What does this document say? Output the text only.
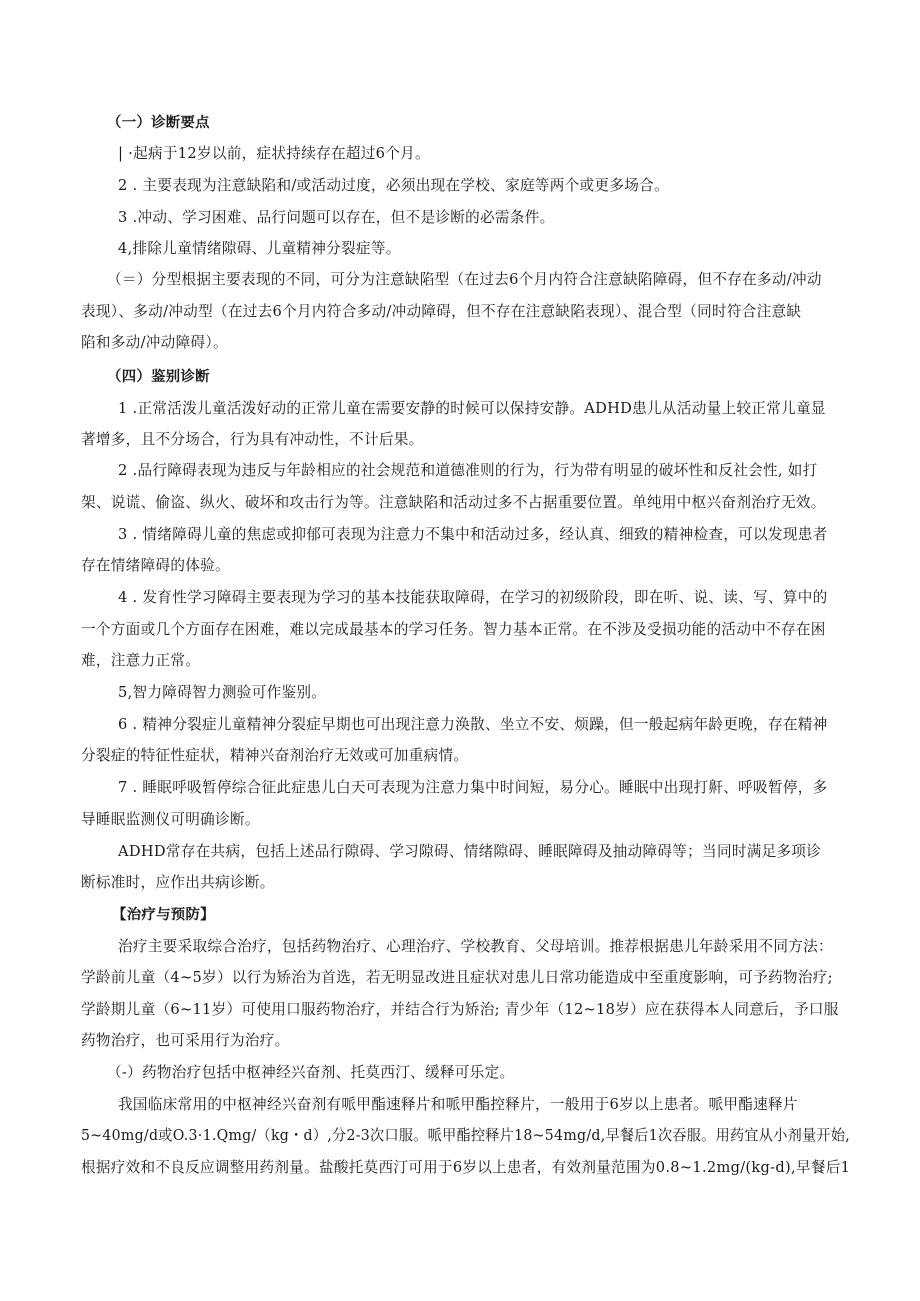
（一）诊断要点

| ·起病于12岁以前，症状持续存在超过6个月。

2 . 主要表现为注意缺陷和/或活动过度，必须出现在学校、家庭等两个或更多场合。

3 .冲动、学习困难、品行问题可以存在，但不是诊断的必需条件。

4,排除儿童情绪隙碍、儿童精神分裂症等。

（＝）分型根据主要表现的不同，可分为注意缺陷型（在过去6个月内符合注意缺陷障碍，但不存在多动/冲动

表现）、多动/冲动型（在过去6个月内符合多动/冲动障碍，但不存在注意缺陷表现）、混合型（同时符合注意缺

陷和多动/冲动障碍）。

（四）鉴别诊断

1 .正常活泼儿童活泼好动的正常儿童在需要安静的时候可以保持安静。ADHD患儿从活动量上较正常儿童显

著增多，且不分场合，行为具有冲动性，不计后果。

2 .品行障碍表现为违反与年龄相应的社会规范和道德准则的行为，行为带有明显的破坏性和反社会性, 如打

架、说谎、偷盗、纵火、破坏和攻击行为等。注意缺陷和活动过多不占据重要位置。单纯用中枢兴奋剂治疗无效。

3 . 情绪障碍儿童的焦虑或抑郁可表现为注意力不集中和活动过多，经认真、细致的精神检查，可以发现患者

存在情绪障碍的体验。

4 . 发育性学习障碍主要表现为学习的基本技能获取障碍，在学习的初级阶段，即在听、说、读、写、算中的

一个方面或几个方面存在困难，难以完成最基本的学习任务。智力基本正常。在不涉及受损功能的活动中不存在困

难，注意力正常。

5,智力障碍智力测验可作鉴别。

6 . 精神分裂症儿童精神分裂症早期也可出现注意力涣散、坐立不安、烦躁，但一般起病年龄更晚，存在精神

分裂症的特征性症状，精神兴奋剂治疗无效或可加重病情。

7 . 睡眠呼吸暂停综合征此症患儿白天可表现为注意力集中时间短，易分心。睡眠中出现打鼾、呼吸暂停，多

导睡眠监测仪可明确诊断。

ADHD常存在共病，包括上述品行隙碍、学习隙碍、情绪隙碍、睡眠障碍及抽动障碍等；当同时满足多项诊

断标准时，应作出共病诊断。

【治疗与预防】

治疗主要采取综合治疗，包括药物治疗、心理治疗、学校教育、父母培训。推荐根据患儿年龄采用不同方法：

学龄前儿童（4~5岁）以行为矫治为首选，若无明显改进且症状对患儿日常功能造成中至重度影响，可予药物治疗;

学龄期儿童（6~11岁）可使用口服药物治疗，并结合行为矫治; 青少年（12~18岁）应在获得本人同意后，予口服

药物治疗，也可采用行为治疗。

（-）药物治疗包括中枢神经兴奋剂、托莫西汀、缓释可乐定。

我国临床常用的中枢神经兴奋剂有哌甲酯速释片和哌甲酯控释片，一般用于6岁以上患者。哌甲酯速释片

5~40mg/d或O.3·1.Qmg/（kg・d）,分2-3次口服。哌甲酯控释片18~54mg/d,早餐后1次吞服。用药宜从小剂量开始,

根据疗效和不良反应调整用药剂量。盐酸托莫西汀可用于6岁以上患者，有效剂量范围为0.8~1.2mg/(kg-d),早餐后1
